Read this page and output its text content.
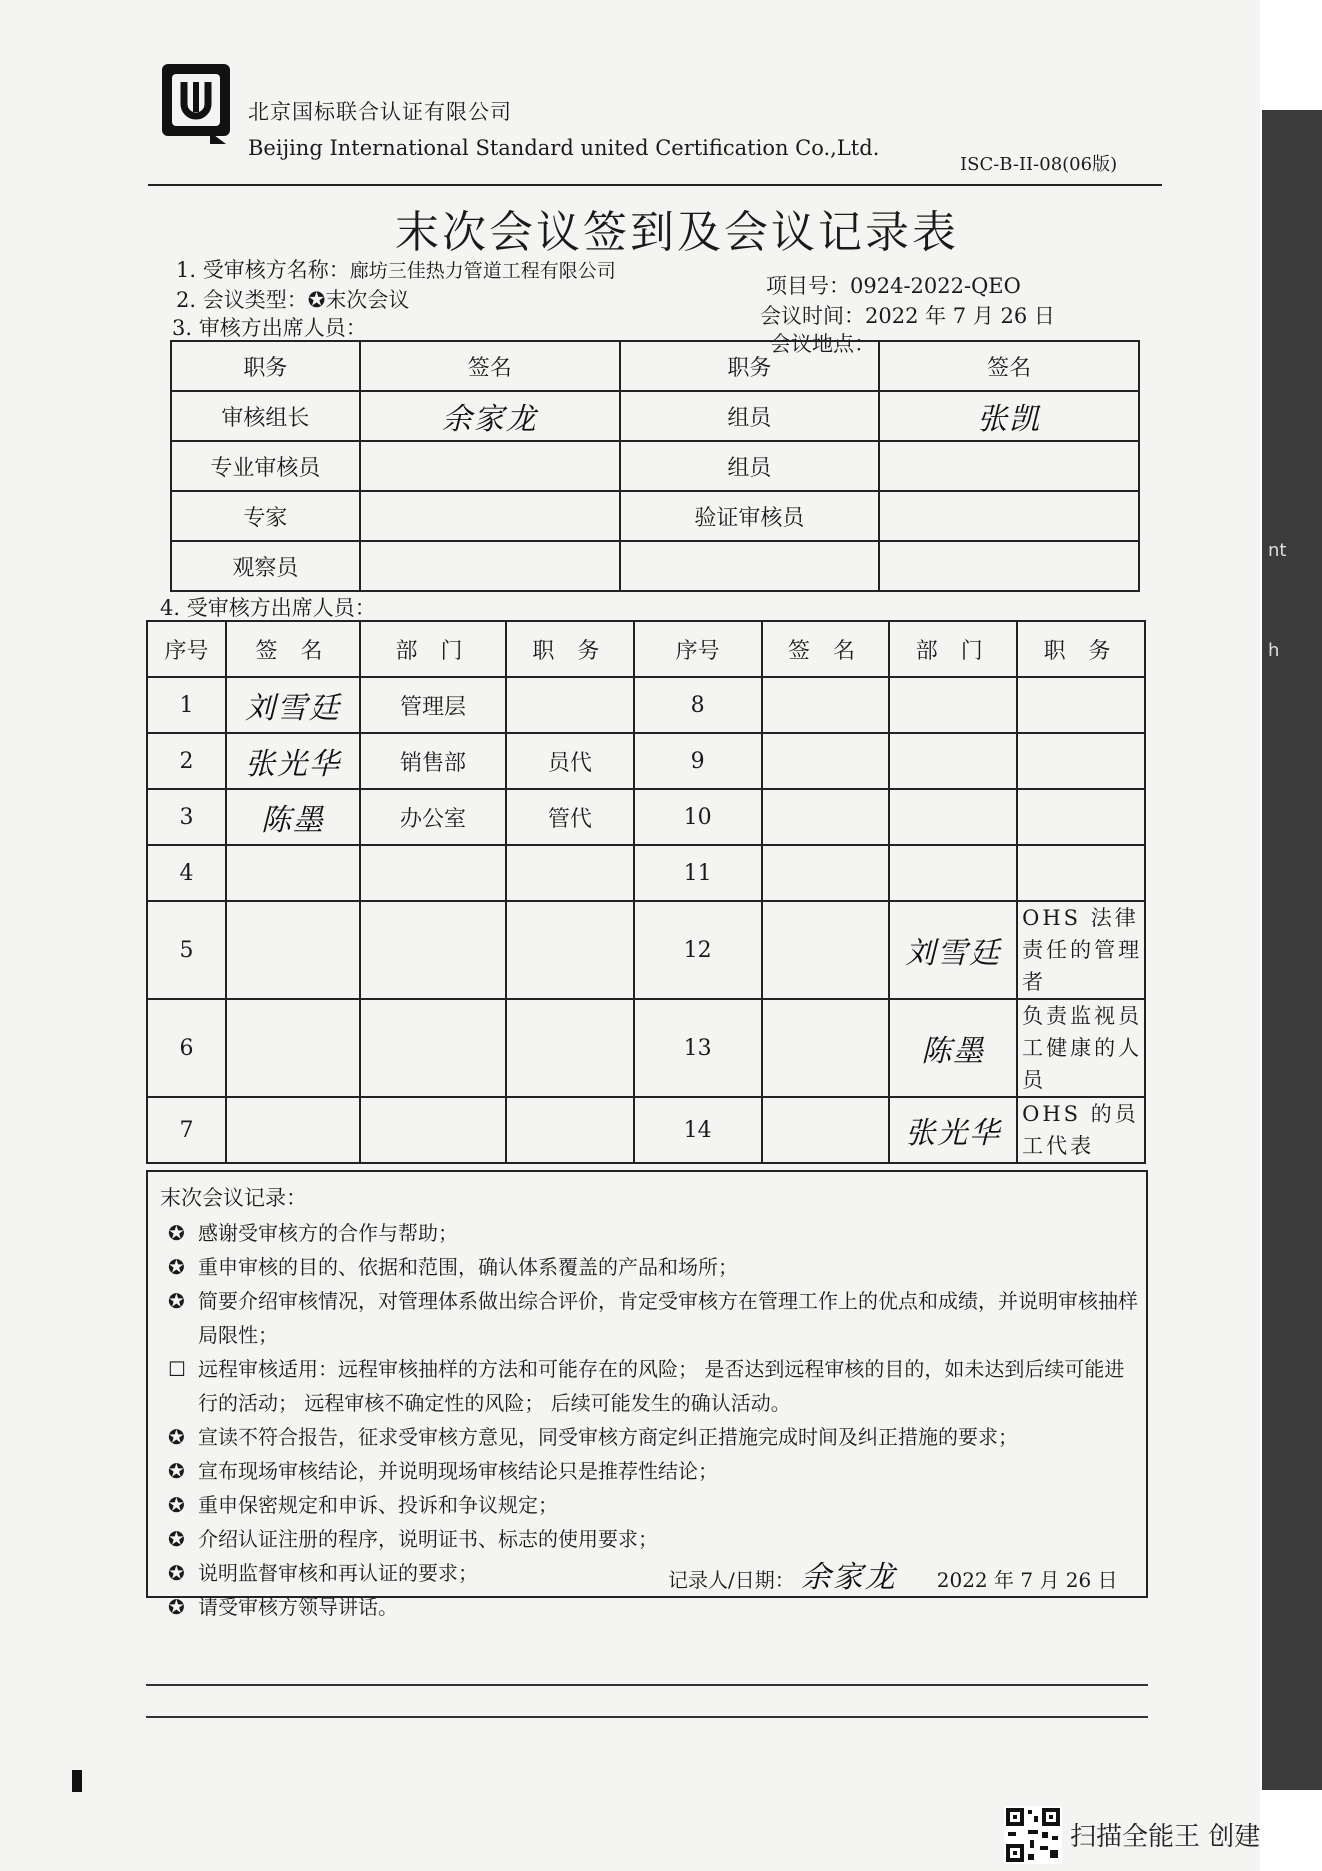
北京国标联合认证有限公司
Beijing International Standard united Certification Co.,Ltd.
ISC-B-II-08(06版)
末次会议签到及会议记录表
1. 受审核方名称：廊坊三佳热力管道工程有限公司
2. 会议类型：✪末次会议
3. 审核方出席人员：
项目号：0924-2022-QEO
会议时间：2022 年 7 月 26 日
会议地点：
职务	签名	职务	签名
审核组长	余家龙	组员	张凯
专业审核员		组员	
专家		验证审核员	
观察员			
4. 受审核方出席人员：
序号	签 名	部 门	职 务	序号	签 名	部 门	职 务
1	刘雪廷	管理层		8			
2	张光华	销售部	员代	9			
3	陈墨	办公室	管代	10			
4				11			
5				12		刘雪廷	OHS 法律责任的管理者
6				13		陈墨	负责监视员工健康的人员
7				14		张光华	OHS 的员工代表
末次会议记录：
✪ 感谢受审核方的合作与帮助；
✪ 重申审核的目的、依据和范围，确认体系覆盖的产品和场所；
✪ 简要介绍审核情况，对管理体系做出综合评价，肯定受审核方在管理工作上的优点和成绩，并说明审核抽样局限性；
☐ 远程审核适用：远程审核抽样的方法和可能存在的风险； 是否达到远程审核的目的，如未达到后续可能进行的活动； 远程审核不确定性的风险； 后续可能发生的确认活动。
✪ 宣读不符合报告，征求受审核方意见，同受审核方商定纠正措施完成时间及纠正措施的要求；
✪ 宣布现场审核结论，并说明现场审核结论只是推荐性结论；
✪ 重申保密规定和申诉、投诉和争议规定；
✪ 介绍认证注册的程序，说明证书、标志的使用要求；
✪ 说明监督审核和再认证的要求；
✪ 请受审核方领导讲话。
记录人/日期： 余家龙 2022 年 7 月 26 日
nt
h
扫描全能王 创建
